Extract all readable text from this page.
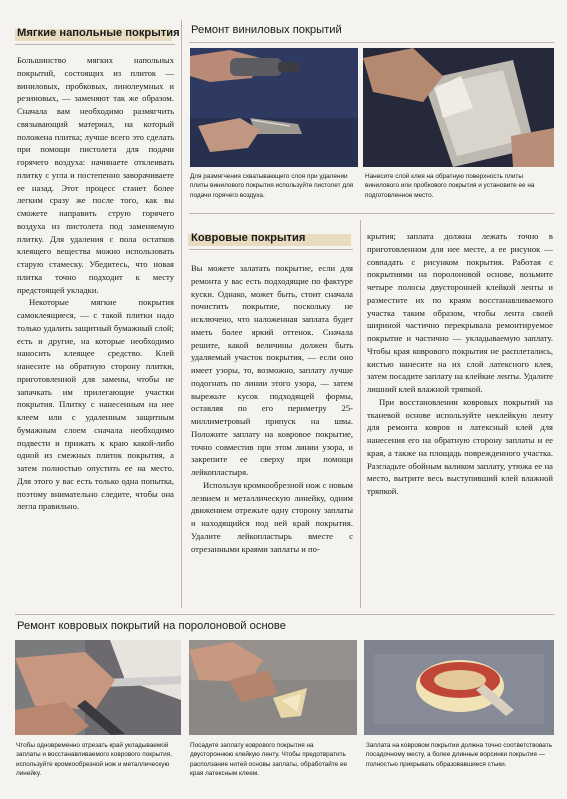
Мягкие напольные покрытия

Большинство мягких напольных покрытий, состоящих из плиток — виниловых, пробковых, линолеумных и резиновых, — заменяют так же образом. Сначала вам необходимо размягчить связывающий материал, на который положена плитка; лучше всего это сделать при помощи пистолета для подачи горячего воздуха: начинаете отклеивать плитку с угла и постепенно заворачиваете ее назад. Этот процесс станет более легким сразу же после того, как вы сможете направить струю горячего воздуха из пистолета под заменяемую плитку. Для удаления с пола остатков клеящего вещества можно использовать старую стамеску. Убедитесь, что новая плитка точно подходит к месту предстоящей укладки.

Некоторые мягкие покрытия самоклеящиеся, — с такой плитки надо только удалить защитный бумажный слой; есть и другие, на которые необходимо наносить клеящее средство. Клей нанесите на обратную сторону плитки, приготовленной для замены, чтобы не запачкать им прилегающие участки покрытия. Плитку с нанесенным на нее клеем или с удаленным защитным бумажным слоем сначала необходимо подвести и прижать к краю какой-либо одной из смежных плиток покрытия, а затем полностью опустить ее на место. Для этого у вас есть только одна попытка, поэтому внимательно следите, чтобы она легла правильно.

Ремонт виниловых покрытий
Для размягчения схватывающего слоя при удалении плиты винилового покрытия используйте пистолет для подачи горячего воздуха.
Нанесите слой клея на обратную поверхность плиты винилового или пробкового покрытия и установите ее на подготовленное место.
Ковровые покрытия

Вы можете залатать покрытие, если для ремонта у вас есть подходящие по фактуре куски. Однако, может быть, стоит сначала почистить покрытие, поскольку не исключено, что наложенная заплата будет иметь более яркий оттенок. Сначала решите, какой величины должен быть удаляемый участок покрытия, — если оно имеет узоры, то, возможно, заплату лучше подогнать по линии этого узора, — затем вырежьте кусок подходящей формы, оставляя по его периметру 25-миллиметровый припуск на швы. Положите заплату на ковровое покрытие, точно совместив при этом линии узора, и закрепите ее сверху при помощи лейкопластыря.

Используя кромкообрезной нож с новым лезвием и металлическую линейку, одним движением отрежьте одну сторону заплаты и находящийся под ней край покрытия. Удалите лейкопластырь вместе с отрезанными краями заплаты и по-

крытия; заплата должна лежать точно в приготовленном для нее месте, а ее рисунок — совпадать с рисунком покрытия. Работая с покрытиями на поролоновой основе, возьмите четыре полосы двусторонней клейкой ленты и разместите их по краям восстанавливаемого участка таким образом, чтобы лента своей шириной частично перекрывала ремонтируемое покрытие и частично — укладываемую заплату. Чтобы края коврового покрытия не расплетались, кистью нанесите на их слой латексного клея, затем посадите заплату на клейкие ленты. Удалите лишний клей влажной тряпкой.

При восстановлении ковровых покрытий на тканевой основе используйте неклейкую ленту для ремонта ковров и латексный клей для нанесения его на обратную сторону заплаты и ее края, а также на площадь поврежденного участка. Разгладьте обойным валиком заплату, утюжа ее на место, вытрите весь выступивший клей влажной тряпкой.

Ремонт ковровых покрытий на поролоновой основе
Чтобы одновременно отрезать край укладываемой заплаты и восстанавливаемого коврового покрытия, используйте кромкообрезной нож и металлическую линейку.
Посадите заплату коврового покрытия на двустороннюю клейкую ленту. Чтобы предотвратить расползание нитей основы заплаты, обработайте ее края латексным клеем.
Заплата на ковровом покрытии должна точно соответствовать посадочному месту, а более длинные ворсинки покрытия — полностью прикрывать образовавшиеся стыки.
